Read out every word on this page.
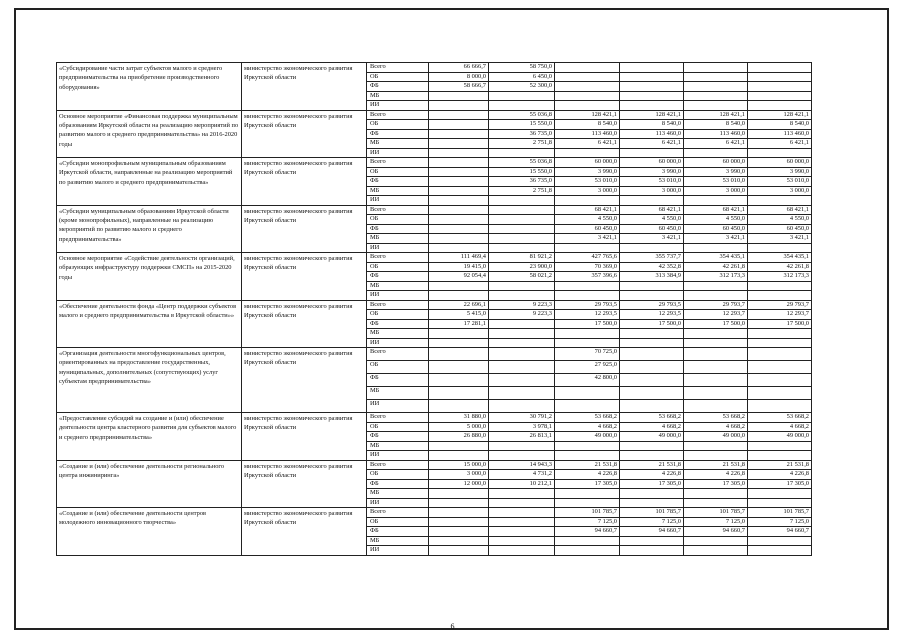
«Субсидирование части затрат субъектов малого и среднего предпринимательства на приобретение производственного оборудования»	министерство экономического развития Иркутской области	Всего	66 666,7	58 750,0				
		ОБ	8 000,0	6 450,0				
		ФБ	58 666,7	52 300,0				
		МБ						
		ИИ						
Основное мероприятие «Финансовая поддержка муниципальным образованиям Иркутской области на реализацию мероприятий по развитию малого и среднего предпринимательства» на 2016-2020 годы	министерство экономического развития Иркутской области	Всего		55 036,8	128 421,1	128 421,1	128 421,1	128 421,1
		ОБ		15 550,0	8 540,0	8 540,0	8 540,0	8 540,0
		ФБ		36 735,0	113 460,0	113 460,0	113 460,0	113 460,0
		МБ		2 751,8	6 421,1	6 421,1	6 421,1	6 421,1
		ИИ						
«Субсидии монопрофильным муниципальным образованиям Иркутской области, направленные на реализацию мероприятий по развитию малого и среднего предпринимательства»	министерство экономического развития Иркутской области	Всего		55 036,8	60 000,0	60 000,0	60 000,0	60 000,0
		ОБ		15 550,0	3 990,0	3 990,0	3 990,0	3 990,0
		ФБ		36 735,0	53 010,0	53 010,0	53 010,0	53 010,0
		МБ		2 751,8	3 000,0	3 000,0	3 000,0	3 000,0
		ИИ						
«Субсидии муниципальным образованиям Иркутской области (кроме монопрофильных), направленные на реализацию мероприятий по развитию малого и среднего предпринимательства»	министерство экономического развития Иркутской области	Всего			68 421,1	68 421,1	68 421,1	68 421,1
		ОБ			4 550,0	4 550,0	4 550,0	4 550,0
		ФБ			60 450,0	60 450,0	60 450,0	60 450,0
		МБ			3 421,1	3 421,1	3 421,1	3 421,1
		ИИ						
Основное мероприятие «Содействие деятельности организаций, образующих инфраструктуру поддержки СМСП» на 2015-2020 годы	министерство экономического развития Иркутской области	Всего	111 469,4	81 921,2	427 765,6	355 737,7	354 435,1	354 435,1
		ОБ	19 415,0	23 900,0	70 369,0	42 352,8	42 261,8	42 261,8
		ФБ	92 054,4	58 021,2	357 396,6	313 384,9	312 173,3	312 173,3
		МБ						
		ИИ						
«Обеспечение деятельности фонда «Центр поддержки субъектов малого и среднего предпринимательства в Иркутской области»»	министерство экономического развития Иркутской области	Всего	22 696,1	9 223,3	29 793,5	29 793,5	29 793,7	29 793,7
		ОБ	5 415,0	9 223,3	12 293,5	12 293,5	12 293,7	12 293,7
		ФБ	17 281,1		17 500,0	17 500,0	17 500,0	17 500,0
		МБ						
		ИИ						
«Организация деятельности многофункциональных центров, ориентированных на предоставление государственных, муниципальных, дополнительных (сопутствующих) услуг субъектам предпринимательства»	министерство экономического развития Иркутской области	Всего			70 725,0			
		ОБ			27 925,0			
		ФБ			42 800,0			
		МБ						
		ИИ						
«Предоставление субсидий на создание и (или) обеспечение деятельности центра кластерного развития для субъектов малого и среднего предпринимательства»	министерство экономического развития Иркутской области	Всего	31 880,0	30 791,2	53 668,2	53 668,2	53 668,2	53 668,2
		ОБ	5 000,0	3 978,1	4 668,2	4 668,2	4 668,2	4 668,2
		ФБ	26 880,0	26 813,1	49 000,0	49 000,0	49 000,0	49 000,0
		МБ						
		ИИ						
«Создание и (или) обеспечение деятельности регионального центра инжиниринга»	министерство экономического развития Иркутской области	Всего	15 000,0	14 943,3	21 531,8	21 531,8	21 531,8	21 531,8
		ОБ	3 000,0	4 731,2	4 226,8	4 226,8	4 226,8	4 226,8
		ФБ	12 000,0	10 212,1	17 305,0	17 305,0	17 305,0	17 305,0
		МБ						
		ИИ						
«Создание и (или) обеспечение деятельности центров молодежного инновационного творчества»	министерство экономического развития Иркутской области	Всего			101 785,7	101 785,7	101 785,7	101 785,7
		ОБ			7 125,0	7 125,0	7 125,0	7 125,0
		ФБ			94 660,7	94 660,7	94 660,7	94 660,7
		МБ						
		ИИ						
6
